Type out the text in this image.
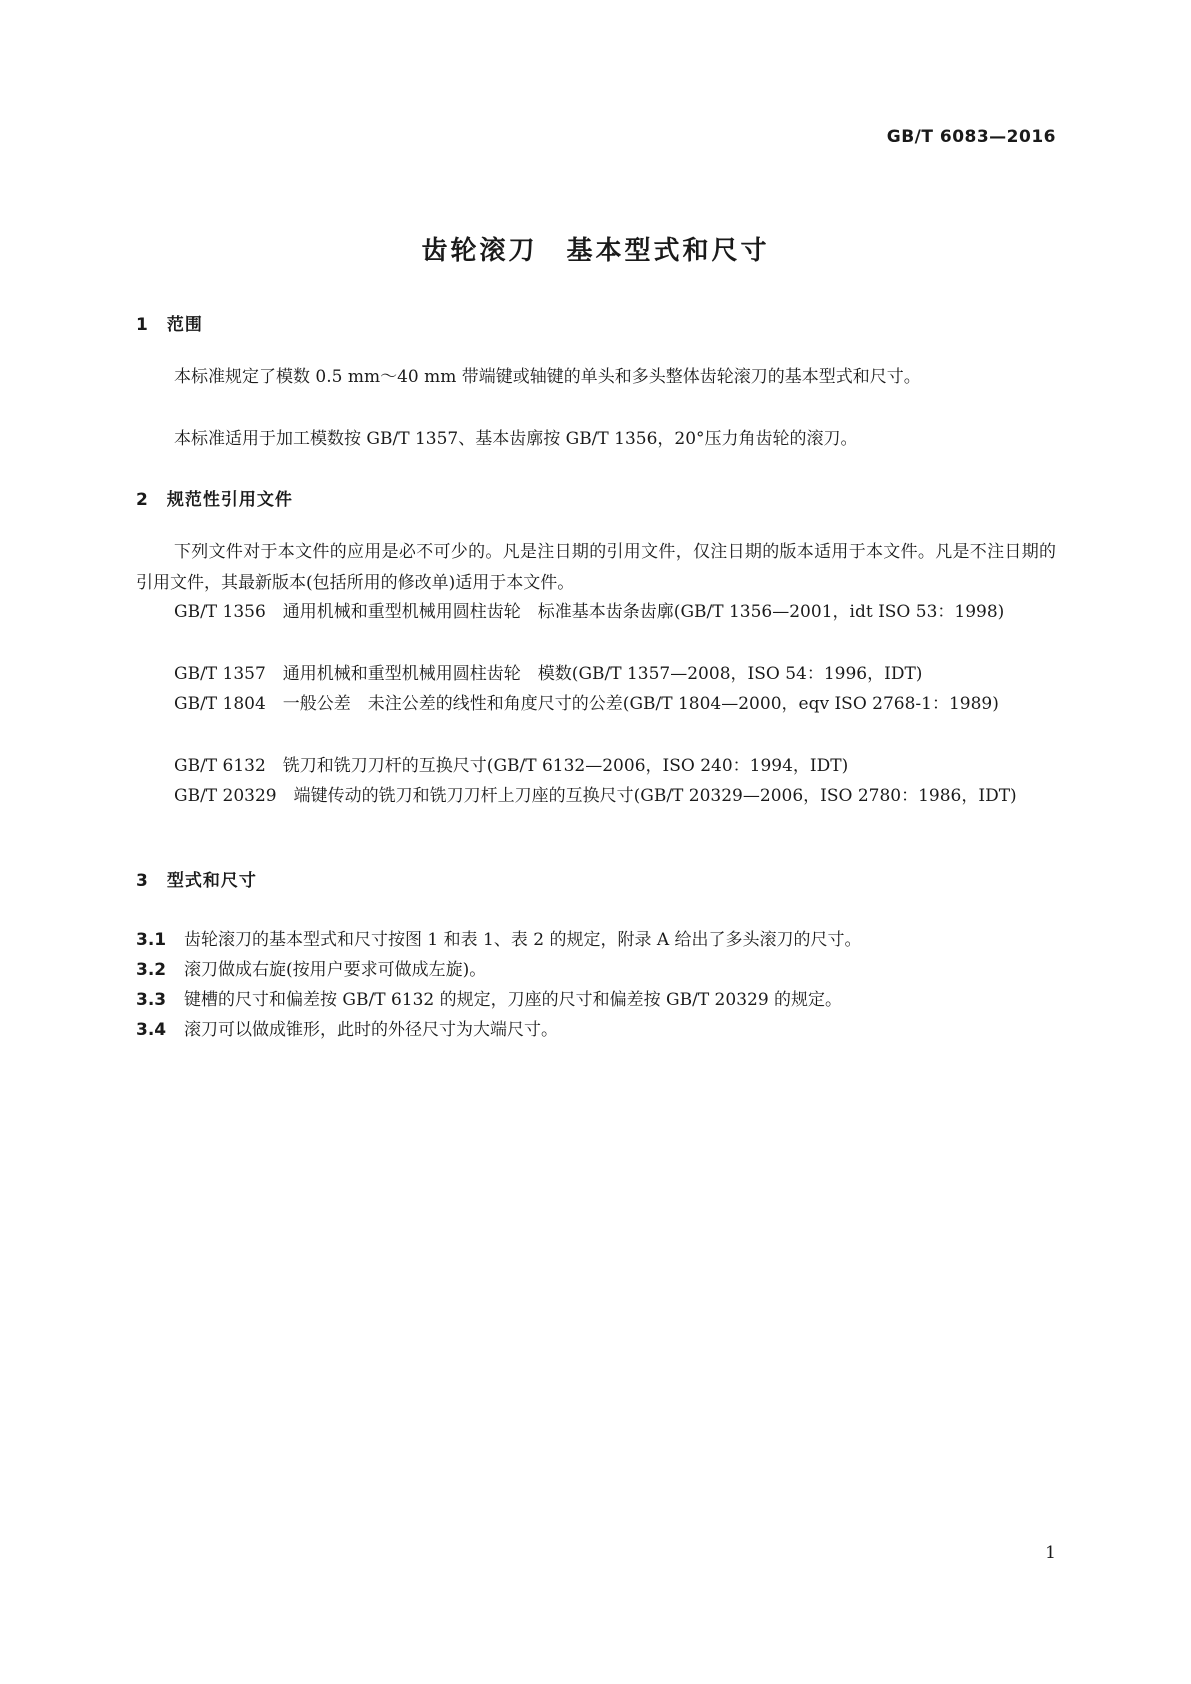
GB/T 6083—2016
齿轮滚刀　基本型式和尺寸
1　范围
本标准规定了模数 0.5 mm～40 mm 带端键或轴键的单头和多头整体齿轮滚刀的基本型式和尺寸。
本标准适用于加工模数按 GB/T 1357、基本齿廓按 GB/T 1356，20°压力角齿轮的滚刀。
2　规范性引用文件
下列文件对于本文件的应用是必不可少的。凡是注日期的引用文件，仅注日期的版本适用于本文件。凡是不注日期的引用文件，其最新版本(包括所用的修改单)适用于本文件。
GB/T 1356　通用机械和重型机械用圆柱齿轮　标准基本齿条齿廓(GB/T 1356—2001，idt ISO 53：1998)
GB/T 1357　通用机械和重型机械用圆柱齿轮　模数(GB/T 1357—2008，ISO 54：1996，IDT)
GB/T 1804　一般公差　未注公差的线性和角度尺寸的公差(GB/T 1804—2000，eqv ISO 2768-1：1989)
GB/T 6132　铣刀和铣刀刀杆的互换尺寸(GB/T 6132—2006，ISO 240：1994，IDT)
GB/T 20329　端键传动的铣刀和铣刀刀杆上刀座的互换尺寸(GB/T 20329—2006，ISO 2780：1986，IDT)
3　型式和尺寸
3.1 齿轮滚刀的基本型式和尺寸按图 1 和表 1、表 2 的规定，附录 A 给出了多头滚刀的尺寸。
3.2 滚刀做成右旋(按用户要求可做成左旋)。
3.3 键槽的尺寸和偏差按 GB/T 6132 的规定，刀座的尺寸和偏差按 GB/T 20329 的规定。
3.4 滚刀可以做成锥形，此时的外径尺寸为大端尺寸。
1
